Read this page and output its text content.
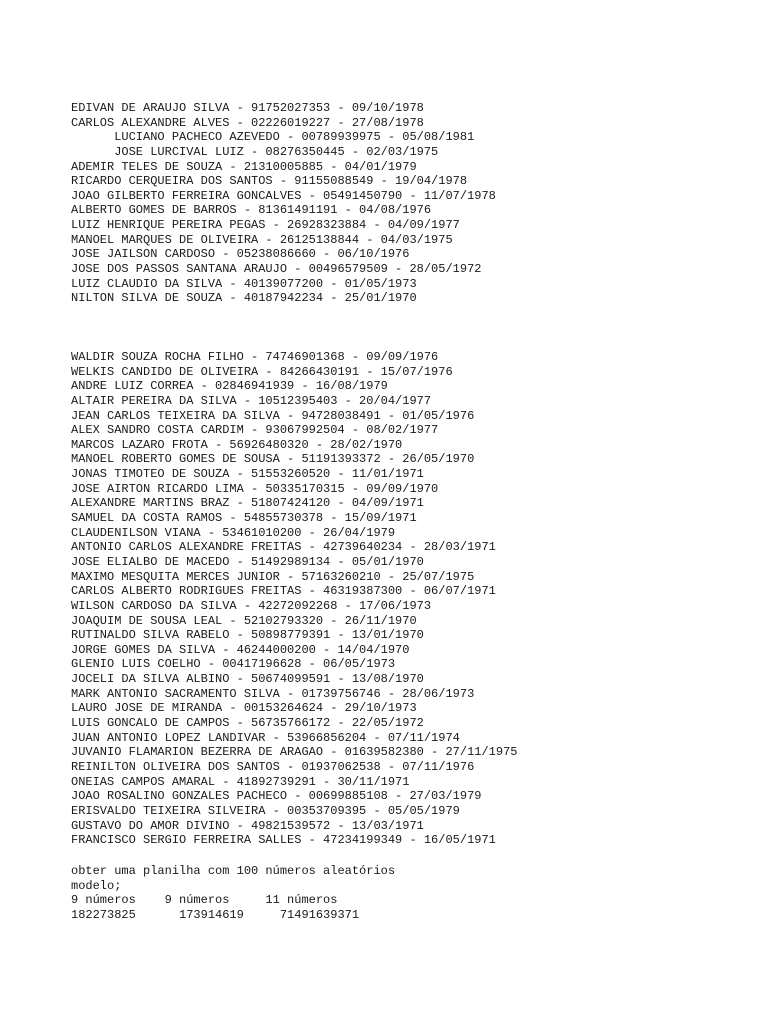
EDIVAN DE ARAUJO SILVA - 91752027353 - 09/10/1978
CARLOS ALEXANDRE ALVES - 02226019227 - 27/08/1978
LUCIANO PACHECO AZEVEDO - 00789939975 - 05/08/1981
JOSE LURCIVAL LUIZ - 08276350445 - 02/03/1975
ADEMIR TELES DE SOUZA - 21310005885 - 04/01/1979
RICARDO CERQUEIRA DOS SANTOS - 91155088549 - 19/04/1978
JOAO GILBERTO FERREIRA GONCALVES - 05491450790 - 11/07/1978
ALBERTO GOMES DE BARROS - 81361491191 - 04/08/1976
LUIZ HENRIQUE PEREIRA PEGAS - 26928323884 - 04/09/1977
MANOEL MARQUES DE OLIVEIRA - 26125138844 - 04/03/1975
JOSE JAILSON CARDOSO - 05238086660 - 06/10/1976
JOSE DOS PASSOS SANTANA ARAUJO - 00496579509 - 28/05/1972
LUIZ CLAUDIO DA SILVA - 40139077200 - 01/05/1973
NILTON SILVA DE SOUZA - 40187942234 - 25/01/1970
WALDIR SOUZA ROCHA FILHO - 74746901368 - 09/09/1976
WELKIS CANDIDO DE OLIVEIRA - 84266430191 - 15/07/1976
ANDRE LUIZ CORREA - 02846941939 - 16/08/1979
ALTAIR PEREIRA DA SILVA - 10512395403 - 20/04/1977
JEAN CARLOS TEIXEIRA DA SILVA - 94728038491 - 01/05/1976
ALEX SANDRO COSTA CARDIM - 93067992504 - 08/02/1977
MARCOS LAZARO FROTA - 56926480320 - 28/02/1970
MANOEL ROBERTO GOMES DE SOUSA - 51191393372 - 26/05/1970
JONAS TIMOTEO DE SOUZA - 51553260520 - 11/01/1971
JOSE AIRTON RICARDO LIMA - 50335170315 - 09/09/1970
ALEXANDRE MARTINS BRAZ - 51807424120 - 04/09/1971
SAMUEL DA COSTA RAMOS - 54855730378 - 15/09/1971
CLAUDENILSON VIANA - 53461010200 - 26/04/1979
ANTONIO CARLOS ALEXANDRE FREITAS - 42739640234 - 28/03/1971
JOSE ELIALBO DE MACEDO - 51492989134 - 05/01/1970
MAXIMO MESQUITA MERCES JUNIOR - 57163260210 - 25/07/1975
CARLOS ALBERTO RODRIGUES FREITAS - 46319387300 - 06/07/1971
WILSON CARDOSO DA SILVA - 42272092268 - 17/06/1973
JOAQUIM DE SOUSA LEAL - 52102793320 - 26/11/1970
RUTINALDO SILVA RABELO - 50898779391 - 13/01/1970
JORGE GOMES DA SILVA - 46244000200 - 14/04/1970
GLENIO LUIS COELHO - 00417196628 - 06/05/1973
JOCELI DA SILVA ALBINO - 50674099591 - 13/08/1970
MARK ANTONIO SACRAMENTO SILVA - 01739756746 - 28/06/1973
LAURO JOSE DE MIRANDA - 00153264624 - 29/10/1973
LUIS GONCALO DE CAMPOS - 56735766172 - 22/05/1972
JUAN ANTONIO LOPEZ LANDIVAR - 53966856204 - 07/11/1974
JUVANIO FLAMARION BEZERRA DE ARAGAO - 01639582380 - 27/11/1975
REINILTON OLIVEIRA DOS SANTOS - 01937062538 - 07/11/1976
ONEIAS CAMPOS AMARAL - 41892739291 - 30/11/1971
JOAO ROSALINO GONZALES PACHECO - 00699885108 - 27/03/1979
ERISVALDO TEIXEIRA SILVEIRA - 00353709395 - 05/05/1979
GUSTAVO DO AMOR DIVINO - 49821539572 - 13/03/1971
FRANCISCO SERGIO FERREIRA SALLES - 47234199349 - 16/05/1971
obter uma planilha com 100 números aleatórios
modelo;
9 números    9 números     11 números
182273825      173914619     71491639371
